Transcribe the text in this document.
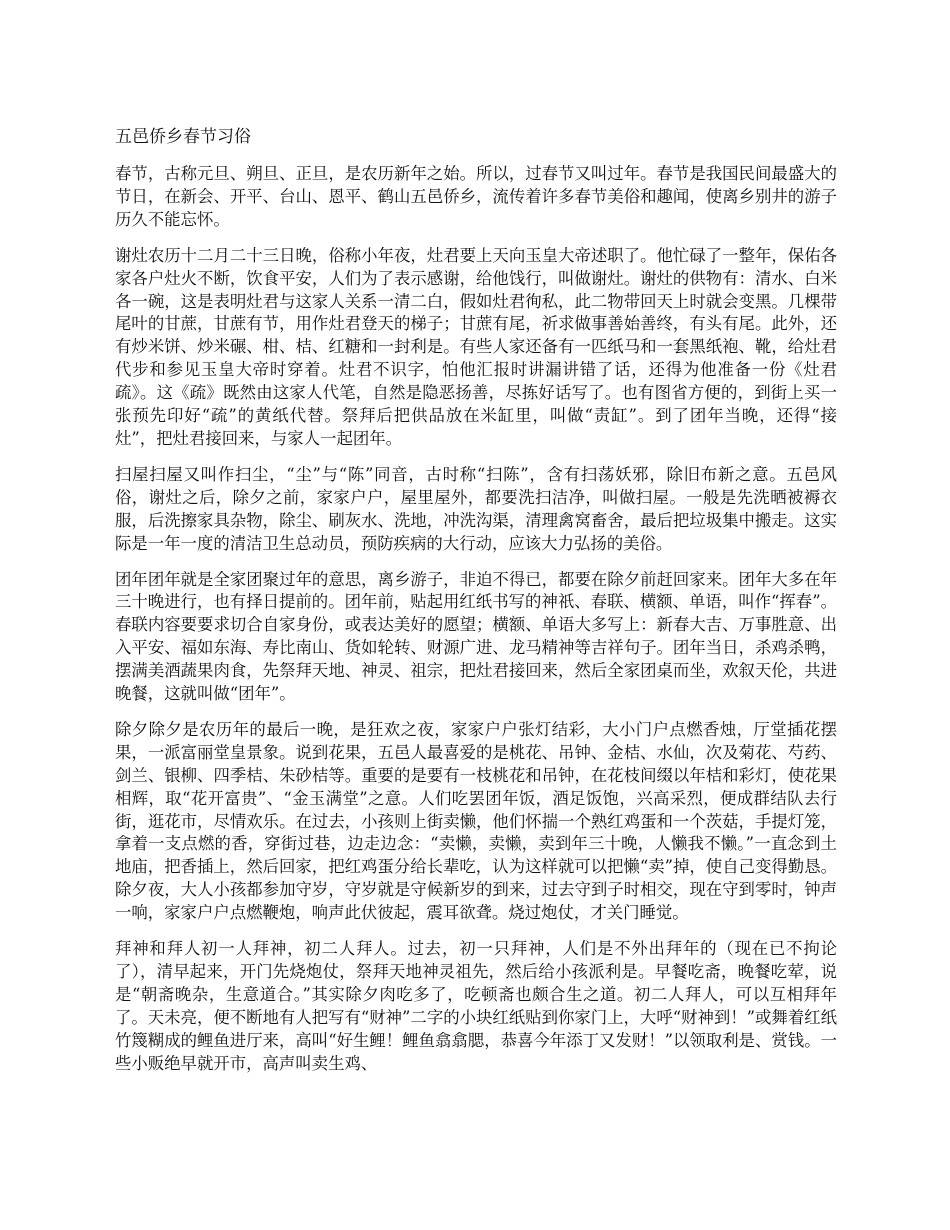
五邑侨乡春节习俗

春节，古称元旦、朔旦、正旦，是农历新年之始。所以，过春节又叫过年。春节是我国民间最盛大的节日，在新会、开平、台山、恩平、鹤山五邑侨乡，流传着许多春节美俗和趣闻，使离乡别井的游子历久不能忘怀。

谢灶农历十二月二十三日晚，俗称小年夜，灶君要上天向玉皇大帝述职了。他忙碌了一整年，保佑各家各户灶火不断，饮食平安，人们为了表示感谢，给他饯行，叫做谢灶。谢灶的供物有：清水、白米各一碗，这是表明灶君与这家人关系一清二白，假如灶君徇私，此二物带回天上时就会变黑。几棵带尾叶的甘蔗，甘蔗有节，用作灶君登天的梯子；甘蔗有尾，祈求做事善始善终，有头有尾。此外，还有炒米饼、炒米碾、柑、桔、红糖和一封利是。有些人家还备有一匹纸马和一套黑纸袍、靴，给灶君代步和参见玉皇大帝时穿着。灶君不识字，怕他汇报时讲漏讲错了话，还得为他准备一份《灶君疏》。这《疏》既然由这家人代笔，自然是隐恶扬善，尽拣好话写了。也有图省方便的，到街上买一张预先印好“疏”的黄纸代替。祭拜后把供品放在米缸里，叫做“责缸”。到了团年当晚，还得“接灶”，把灶君接回来，与家人一起团年。

扫屋扫屋又叫作扫尘，“尘”与“陈”同音，古时称“扫陈”，含有扫荡妖邪，除旧布新之意。五邑风俗，谢灶之后，除夕之前，家家户户，屋里屋外，都要洗扫洁净，叫做扫屋。一般是先洗晒被褥衣服，后洗擦家具杂物，除尘、刷灰水、洗地，冲洗沟渠，清理禽窝畜舍，最后把垃圾集中搬走。这实际是一年一度的清洁卫生总动员，预防疾病的大行动，应该大力弘扬的美俗。

团年团年就是全家团聚过年的意思，离乡游子，非迫不得已，都要在除夕前赶回家来。团年大多在年三十晚进行，也有择日提前的。团年前，贴起用红纸书写的神祇、春联、横额、单语，叫作“挥春”。春联内容要要求切合自家身份，或表达美好的愿望；横额、单语大多写上：新春大吉、万事胜意、出入平安、福如东海、寿比南山、货如轮转、财源广进、龙马精神等吉祥句子。团年当日，杀鸡杀鸭，摆满美酒蔬果肉食，先祭拜天地、神灵、祖宗，把灶君接回来，然后全家团桌而坐，欢叙天伦，共进晚餐，这就叫做“团年”。

除夕除夕是农历年的最后一晚，是狂欢之夜，家家户户张灯结彩，大小门户点燃香烛，厅堂插花摆果，一派富丽堂皇景象。说到花果，五邑人最喜爱的是桃花、吊钟、金桔、水仙，次及菊花、芍药、剑兰、银柳、四季桔、朱砂桔等。重要的是要有一枝桃花和吊钟，在花枝间缀以年桔和彩灯，使花果相辉，取“花开富贵”、“金玉满堂”之意。人们吃罢团年饭，酒足饭饱，兴高采烈，便成群结队去行街，逛花市，尽情欢乐。在过去，小孩则上街卖懒，他们怀揣一个熟红鸡蛋和一个茨菇，手提灯笼，拿着一支点燃的香，穿街过巷，边走边念：“卖懒，卖懒，卖到年三十晚，人懒我不懒。”一直念到土地庙，把香插上，然后回家，把红鸡蛋分给长辈吃，认为这样就可以把懒“卖”掉，使自己变得勤恳。除夕夜，大人小孩都参加守岁，守岁就是守候新岁的到来，过去守到子时相交，现在守到零时，钟声一响，家家户户点燃鞭炮，响声此伏彼起，震耳欲聋。烧过炮仗，才关门睡觉。

拜神和拜人初一人拜神，初二人拜人。过去，初一只拜神，人们是不外出拜年的（现在已不拘论了），清早起来，开门先烧炮仗，祭拜天地神灵祖先，然后给小孩派利是。早餐吃斋，晚餐吃荤，说是“朝斋晚杂，生意道合。”其实除夕肉吃多了，吃顿斋也颇合生之道。初二人拜人，可以互相拜年了。天未亮，便不断地有人把写有“财神”二字的小块红纸贴到你家门上，大呼“财神到！”或舞着红纸竹篾糊成的鲤鱼进厅来，高叫“好生鲤！鲤鱼翕翕腮，恭喜今年添丁又发财！”以领取利是、赏钱。一些小贩绝早就开市，高声叫卖生鸡、
